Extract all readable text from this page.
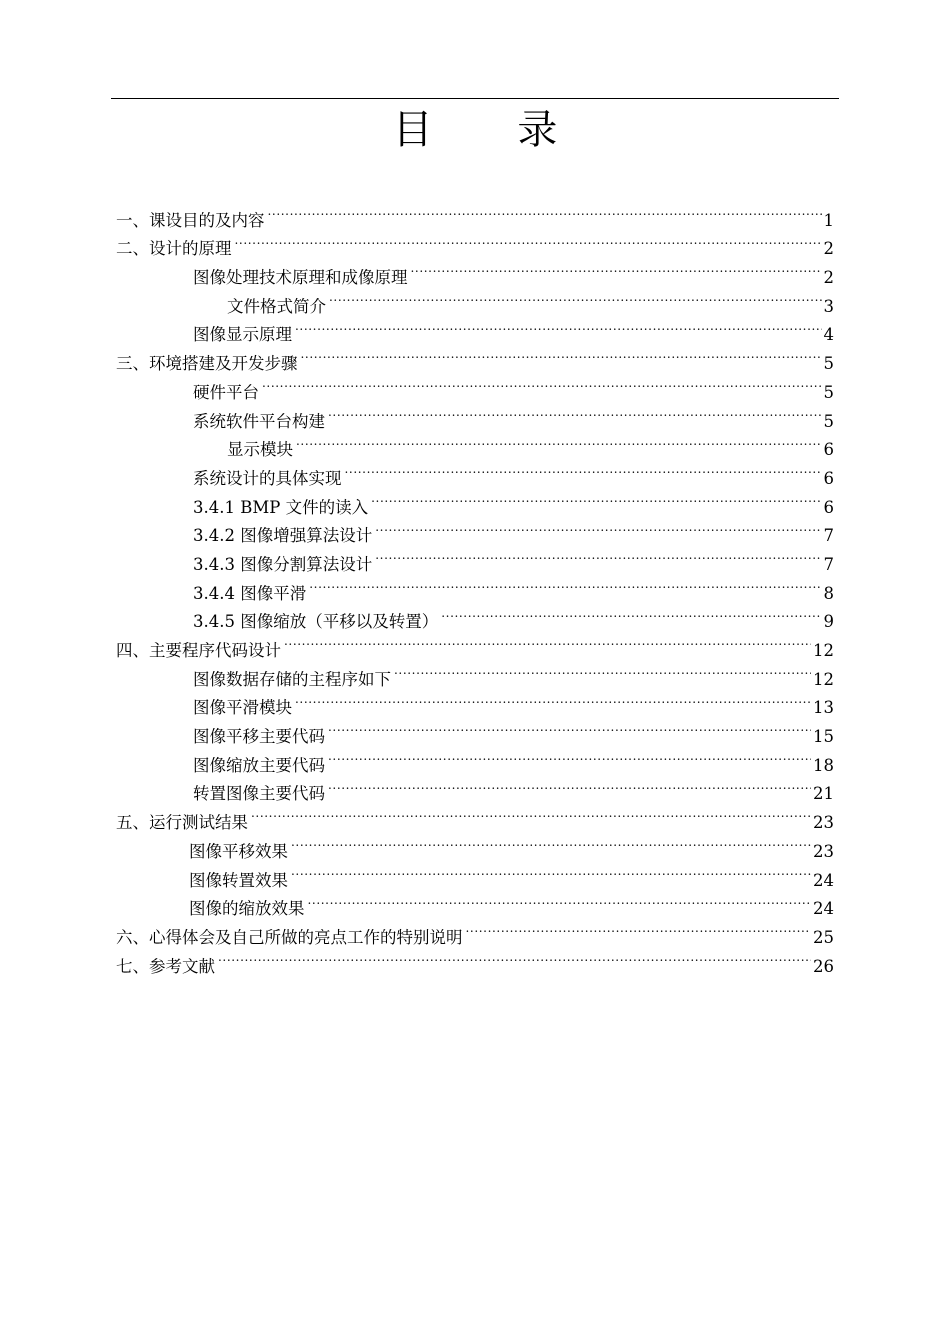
目 录
一、课设目的及内容 .....	1
二、设计的原理 .....	2
图像处理技术原理和成像原理 .....	2
文件格式简介 .....	3
图像显示原理 .....	4
三、环境搭建及开发步骤 .....	5
硬件平台 .....	5
系统软件平台构建 .....	5
显示模块 .....	6
系统设计的具体实现 .....	6
3.4.1 BMP 文件的读入 .....	6
3.4.2 图像增强算法设计 .....	7
3.4.3 图像分割算法设计 .....	7
3.4.4 图像平滑 .....	8
3.4.5 图像缩放（平移以及转置） .....	9
四、主要程序代码设计 .....	12
图像数据存储的主程序如下 .....	12
图像平滑模块 .....	13
图像平移主要代码 .....	15
图像缩放主要代码 .....	18
转置图像主要代码 .....	21
五、运行测试结果 .....	23
图像平移效果 .....	23
图像转置效果 .....	24
图像的缩放效果 .....	24
六、心得体会及自己所做的亮点工作的特别说明 .....	25
七、参考文献 .....	26
